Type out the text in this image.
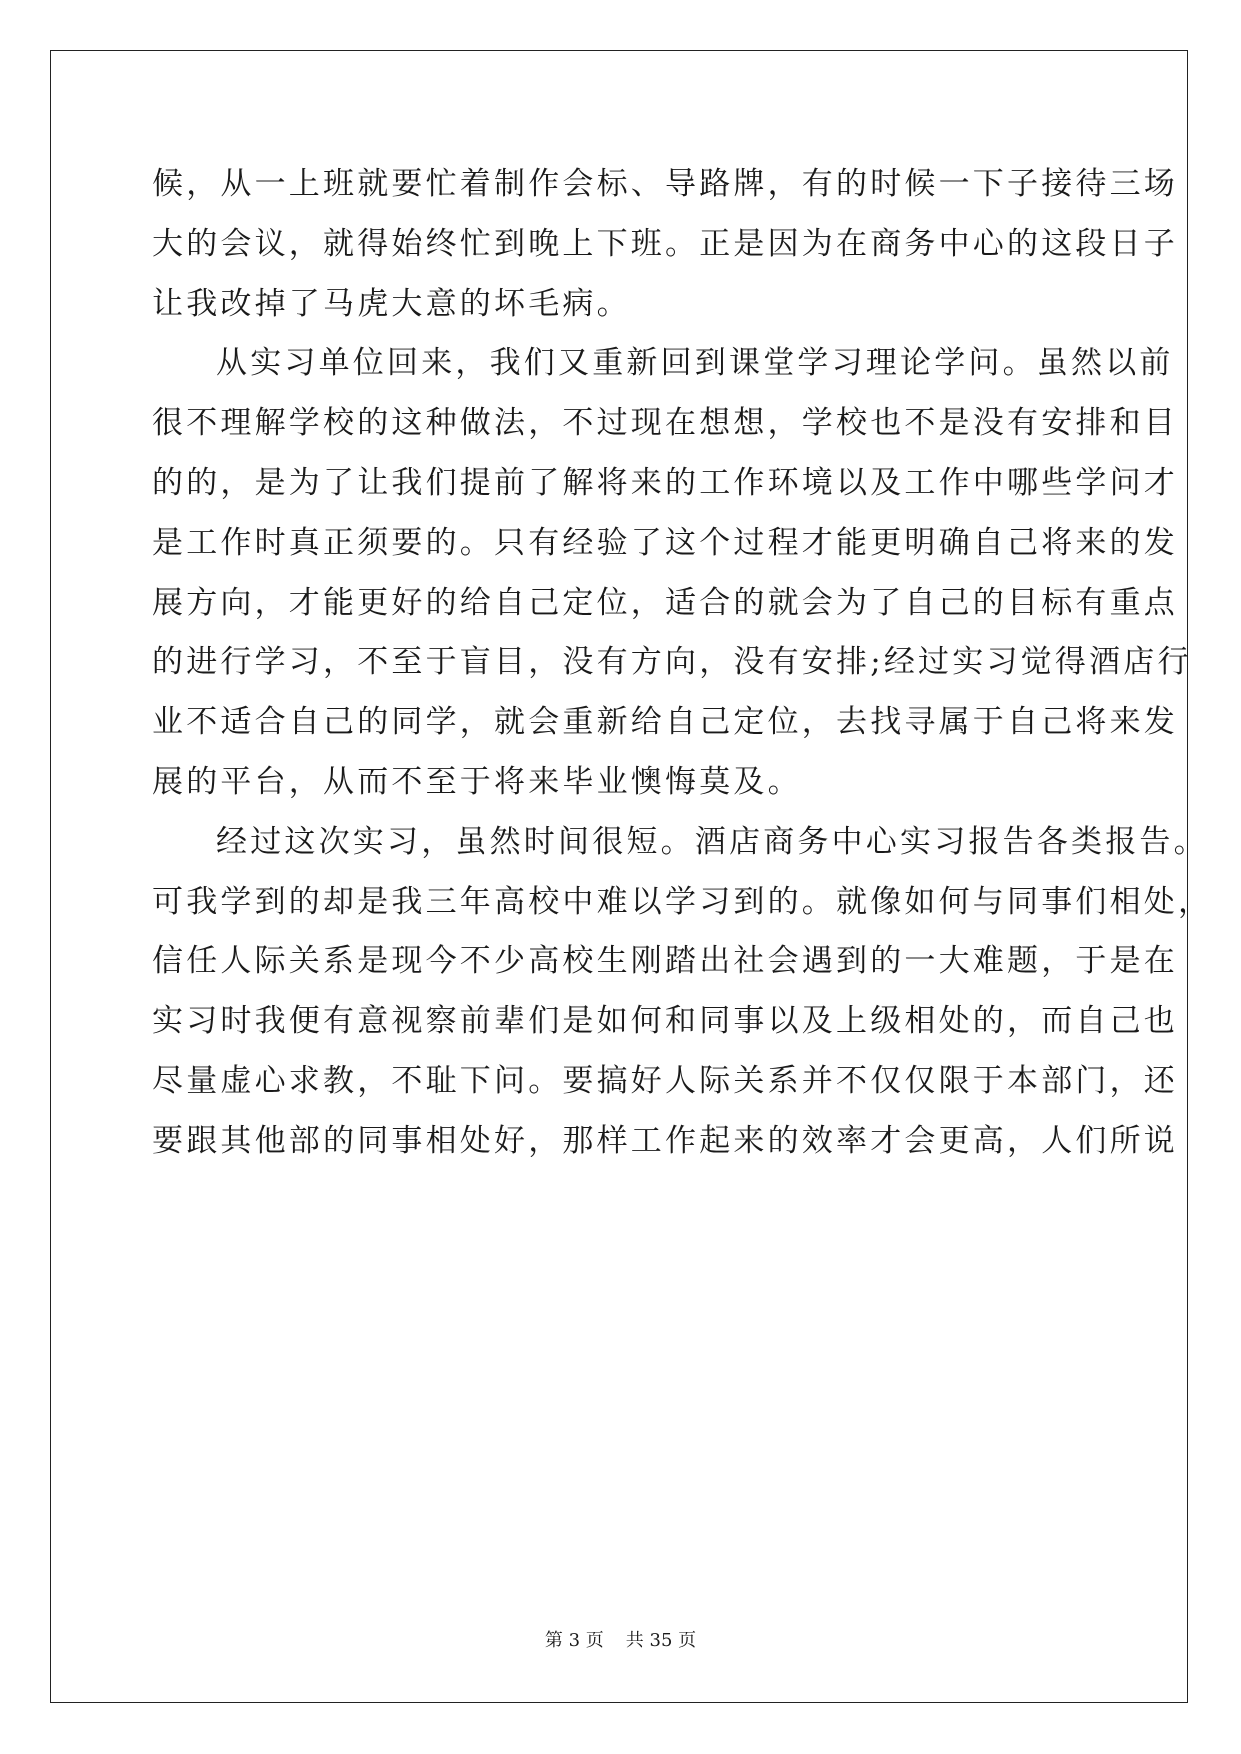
候，从一上班就要忙着制作会标、导路牌，有的时候一下子接待三场
大的会议，就得始终忙到晚上下班。正是因为在商务中心的这段日子
让我改掉了马虎大意的坏毛病。
从实习单位回来，我们又重新回到课堂学习理论学问。虽然以前
很不理解学校的这种做法，不过现在想想，学校也不是没有安排和目
的的，是为了让我们提前了解将来的工作环境以及工作中哪些学问才
是工作时真正须要的。只有经验了这个过程才能更明确自己将来的发
展方向，才能更好的给自己定位，适合的就会为了自己的目标有重点
的进行学习，不至于盲目，没有方向，没有安排;经过实习觉得酒店行
业不适合自己的同学，就会重新给自己定位，去找寻属于自己将来发
展的平台，从而不至于将来毕业懊悔莫及。
经过这次实习，虽然时间很短。酒店商务中心实习报告各类报告。
可我学到的却是我三年高校中难以学习到的。就像如何与同事们相处，
信任人际关系是现今不少高校生刚踏出社会遇到的一大难题，于是在
实习时我便有意视察前辈们是如何和同事以及上级相处的，而自己也
尽量虚心求教，不耻下问。要搞好人际关系并不仅仅限于本部门，还
要跟其他部的同事相处好，那样工作起来的效率才会更高，人们所说
第 3 页 共 35 页
